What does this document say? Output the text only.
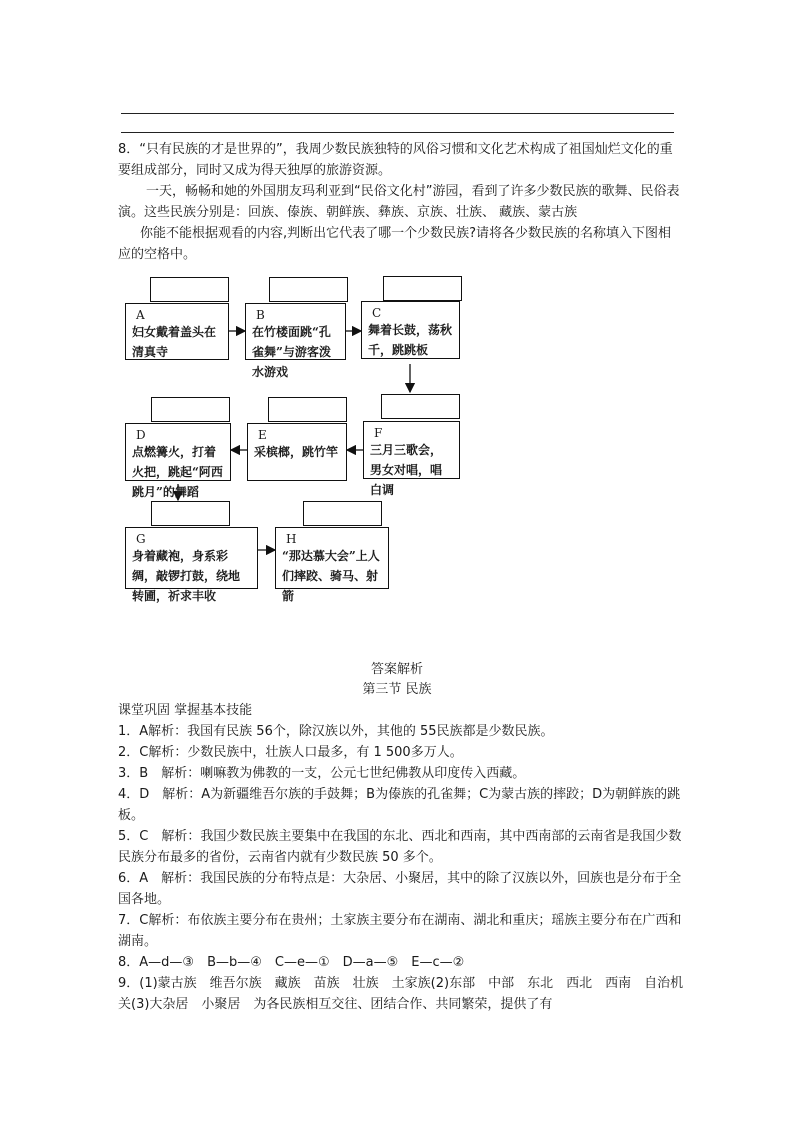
8．“只有民族的才是世界的”，我周少数民族独特的风俗习惯和文化艺术构成了祖国灿烂文化的重要组成部分，同时又成为得天独厚的旅游资源。

一天，畅畅和她的外国朋友玛利亚到“民俗文化村”游园，看到了许多少数民族的歌舞、民俗表演。这些民族分别是：回族、傣族、朝鲜族、彝族、京族、壮族、 藏族、蒙古族

你能不能根据观看的内容,判断出它代表了哪一个少数民族?请将各少数民族的名称填入下图相应的空格中。

A
妇女戴着盖头在清真寺
B
在竹楼面跳“孔雀舞”与游客泼水游戏
C
舞着长鼓，荡秋千，跳跳板
D
点燃篝火，打着火把，跳起“阿西跳月”的舞蹈
E
采槟榔，跳竹竿
F
三月三歌会，男女对唱，唱白调
G
身着藏袍，身系彩绸，敲锣打鼓，绕地转圃，祈求丰收
H
“那达慕大会”上人们摔跤、骑马、射箭
答案解析
第三节 民族

课堂巩固 掌握基本技能

1．A解析：我国有民族 56个，除汉族以外，其他的 55民族都是少数民族。

2．C解析：少数民族中，壮族人口最多，有 1 500多万人。

3．B　解析：喇嘛教为佛教的一支，公元七世纪佛教从印度传入西藏。

4．D　解析：A为新疆维吾尔族的手鼓舞；B为傣族的孔雀舞；C为蒙古族的摔跤；D为朝鲜族的跳板。

5．C　解析：我国少数民族主要集中在我国的东北、西北和西南，其中西南部的云南省是我国少数民族分布最多的省份，云南省内就有少数民族 50 多个。

6．A　解析：我国民族的分布特点是：大杂居、小聚居，其中的除了汉族以外，回族也是分布于全国各地。

7．C解析：布依族主要分布在贵州；土家族主要分布在湖南、湖北和重庆；瑶族主要分布在广西和湖南。

8．A—d—③　B—b—④　C—e—①　D—a—⑤　E—c—②

9．(1)蒙古族　维吾尔族　藏族　苗族　壮族　土家族(2)东部　中部　东北　西北　西南　自治机关(3)大杂居　小聚居　为各民族相互交往、团结合作、共同繁荣，提供了有
